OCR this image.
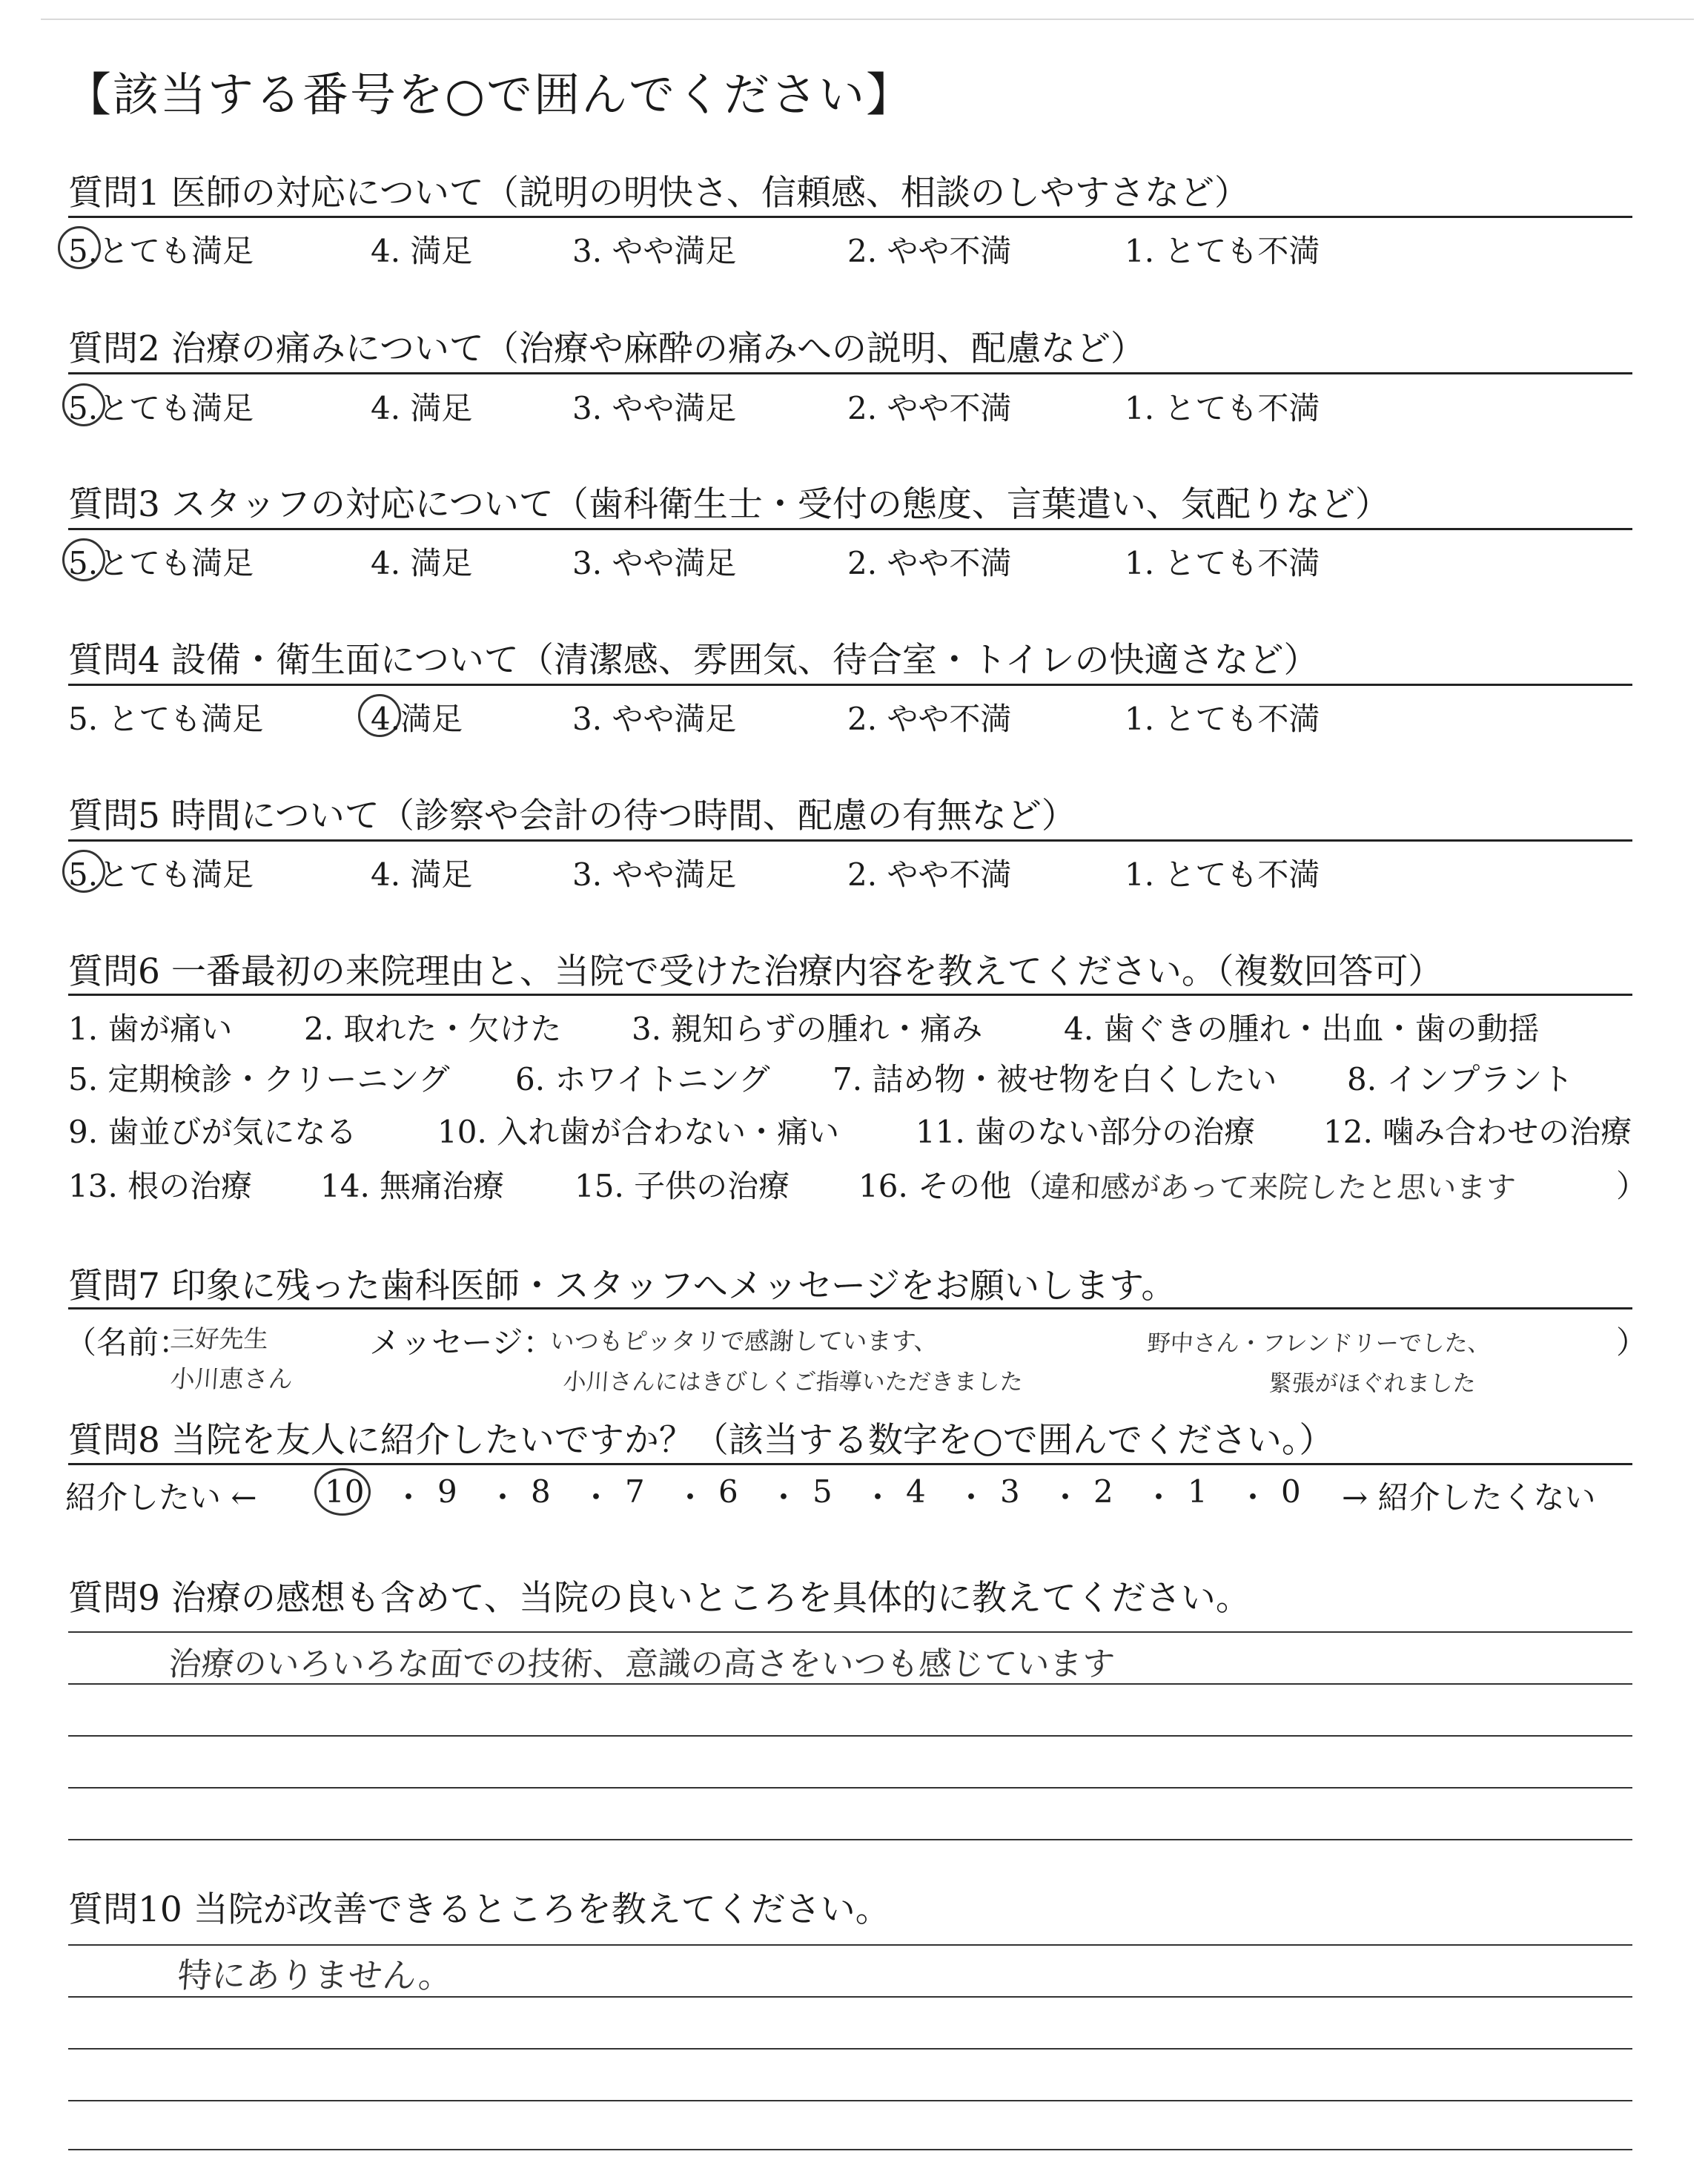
【該当する番号を○で囲んでください】
質問1 医師の対応について（説明の明快さ、信頼感、相談のしやすさなど）
5.とても満足	4. 満足	3. やや満足	2. やや不満	1. とても不満
質問2 治療の痛みについて（治療や麻酔の痛みへの説明、配慮など）
5.とても満足	4. 満足	3. やや満足	2. やや不満	1. とても不満
質問3 スタッフの対応について（歯科衛生士・受付の態度、言葉遣い、気配りなど）
5.とても満足	4. 満足	3. やや満足	2. やや不満	1. とても不満
質問4 設備・衛生面について（清潔感、雰囲気、待合室・トイレの快適さなど）
5. とても満足	4.満足	3. やや満足	2. やや不満	1. とても不満
質問5 時間について（診察や会計の待つ時間、配慮の有無など）
5.とても満足	4. 満足	3. やや満足	2. やや不満	1. とても不満
質問6 一番最初の来院理由と、当院で受けた治療内容を教えてください。（複数回答可）
1. 歯が痛い 2. 取れた・欠けた 3. 親知らずの腫れ・痛み	4. 歯ぐきの腫れ・出血・歯の動揺
5. 定期検診・クリーニング 6. ホワイトニング 7. 詰め物・被せ物を白くしたい 8. インプラント
9. 歯並びが気になる	10. 入れ歯が合わない・痛い 11. 歯のない部分の治療 12. 噛み合わせの治療
13. 根の治療 14. 無痛治療 15. 子供の治療 16. その他（
違和感があって来院したと思います	）
質問7 印象に残った歯科医師・スタッフへメッセージをお願いします。
（名前：
三好先生
小川恵さん
メッセージ：
いつもピッタリで感謝しています、
小川さんにはきびしくご指導いただきました
野中さん・フレンドリーでした、
緊張がほぐれました
）
質問8 当院を友人に紹介したいですか？（該当する数字を○で囲んでください。）
紹介したい ← 10 ・ 9 ・ 8 ・ 7 ・ 6 ・ 5 ・ 4 ・ 3 ・ 2 ・ 1 ・ 0 → 紹介したくない
質問9 治療の感想も含めて、当院の良いところを具体的に教えてください。
治療のいろいろな面での技術、意識の高さをいつも感じています
質問10 当院が改善できるところを教えてください。
特にありません。
